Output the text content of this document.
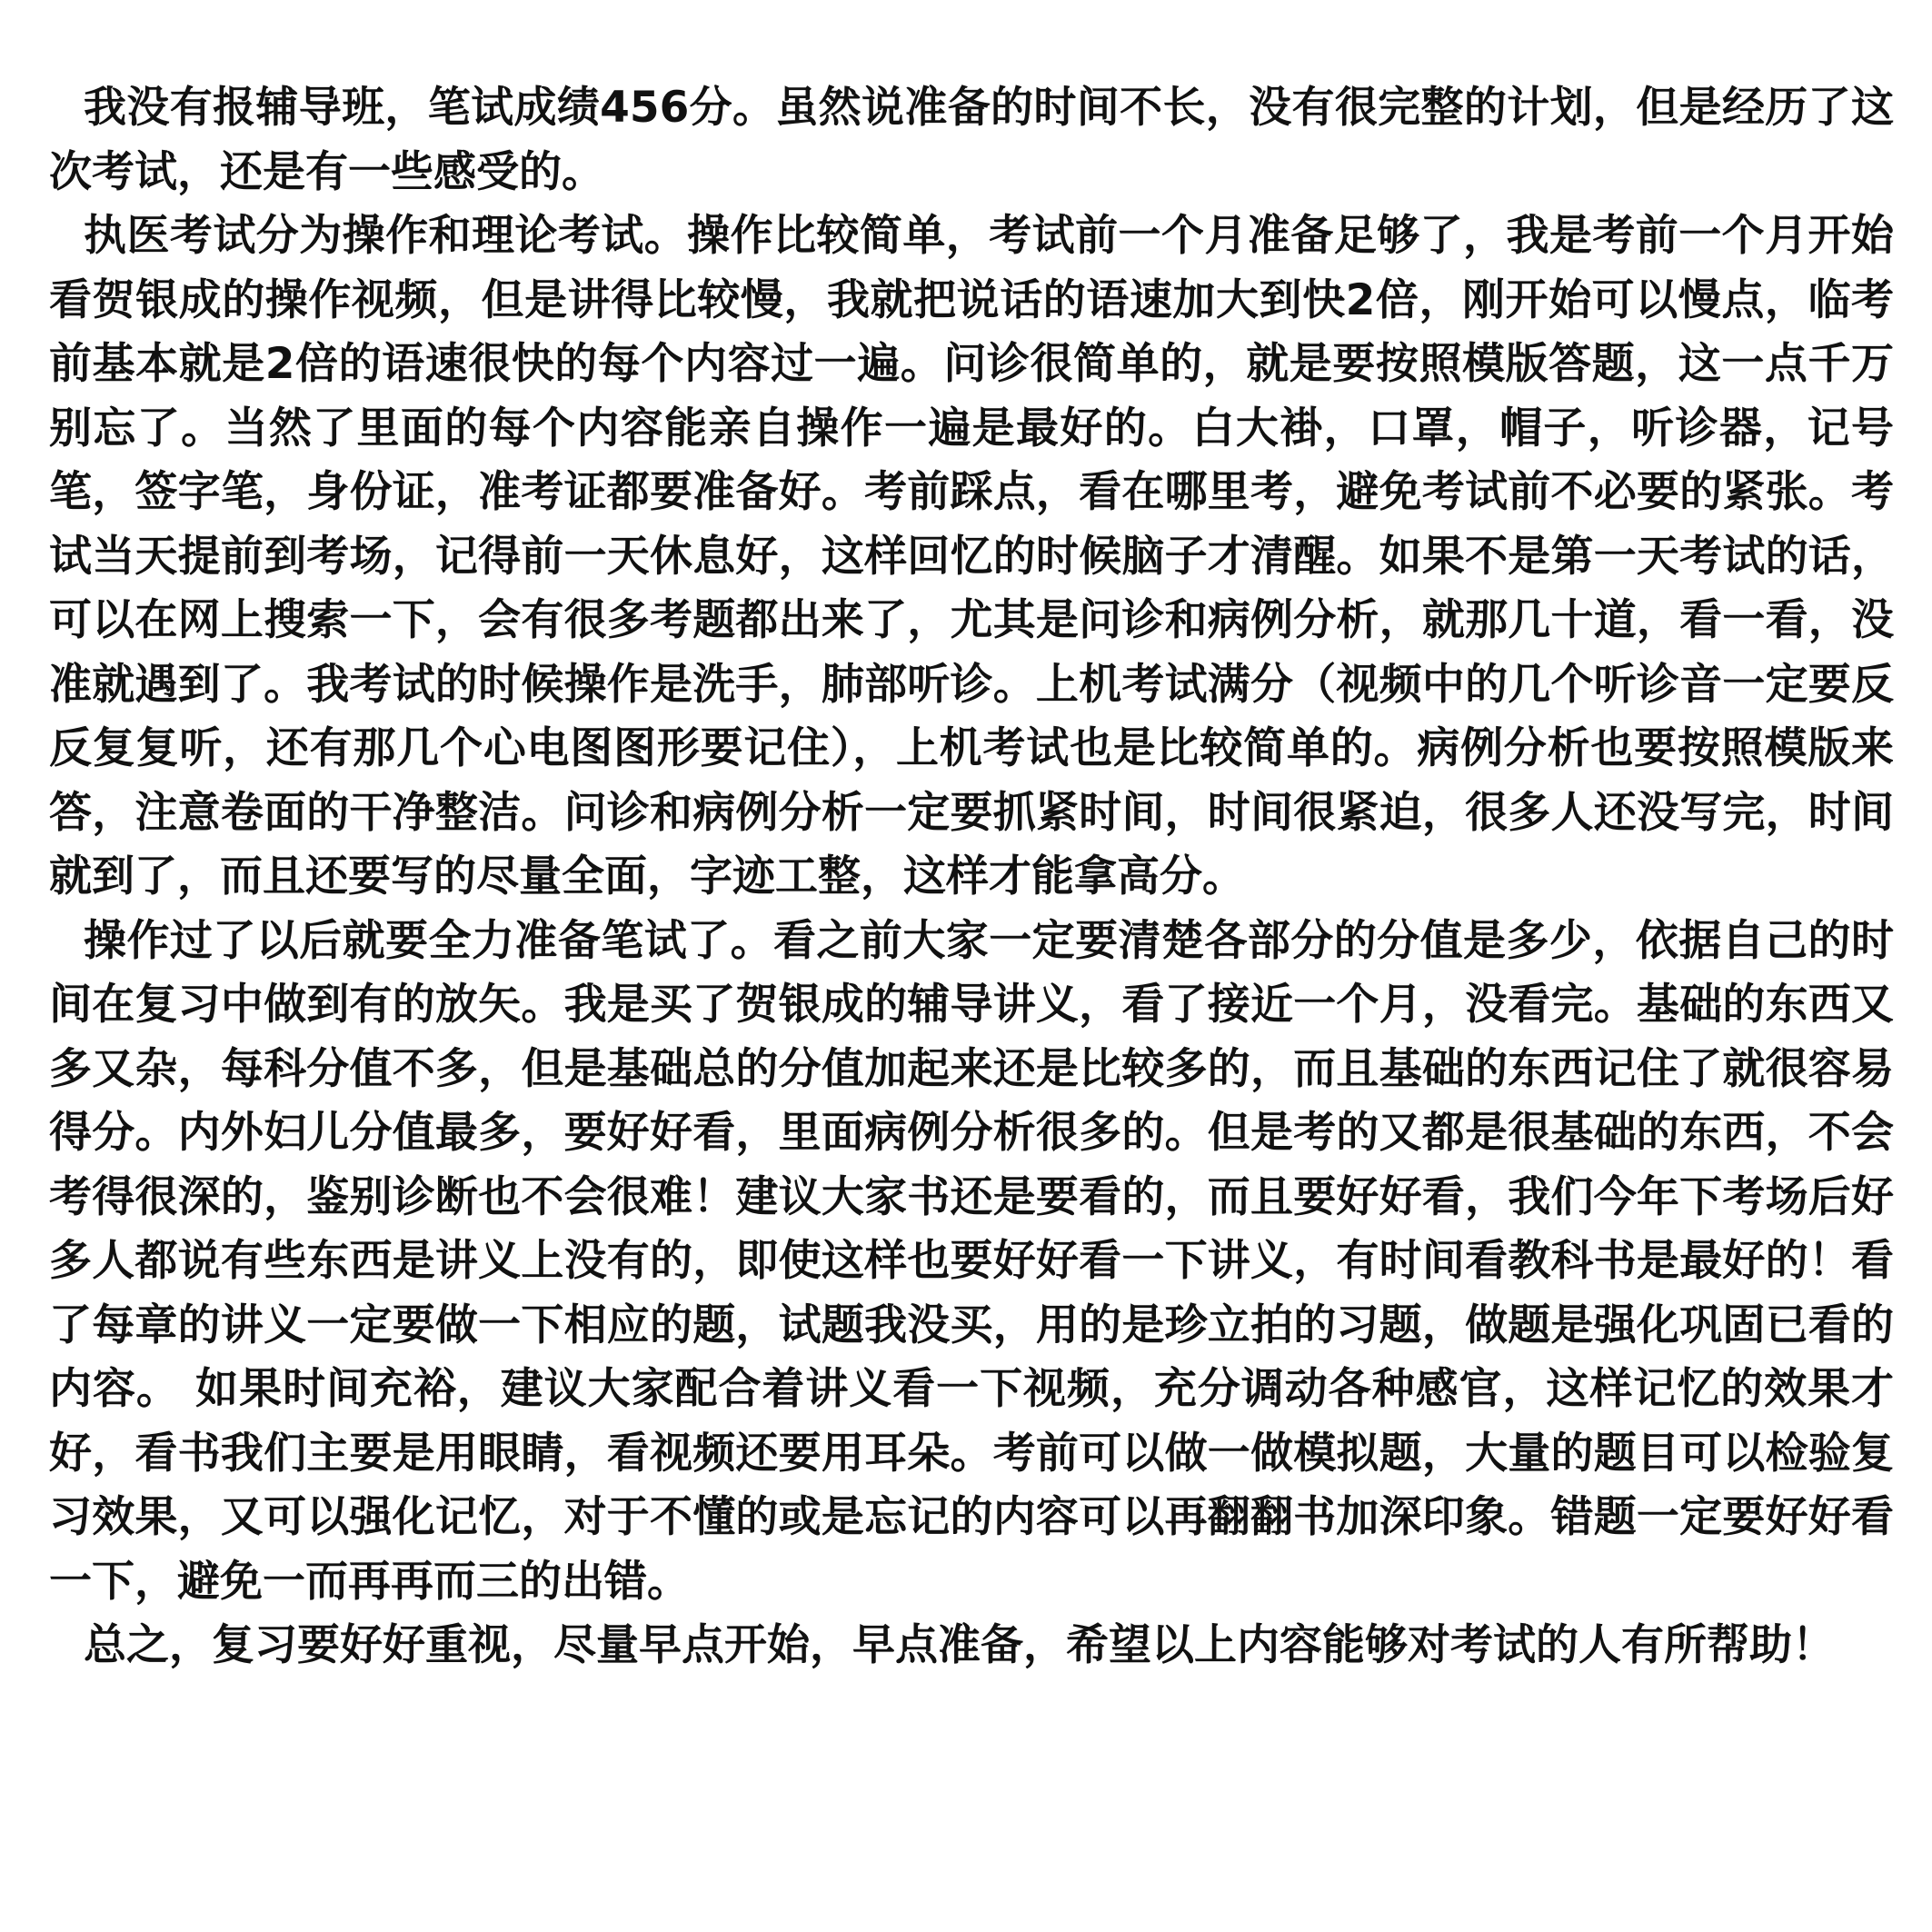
我没有报辅导班，笔试成绩456分。虽然说准备的时间不长，没有很完整的计划，但是经历了这次考试，还是有一些感受的。

执医考试分为操作和理论考试。操作比较简单，考试前一个月准备足够了，我是考前一个月开始看贺银成的操作视频，但是讲得比较慢，我就把说话的语速加大到快2倍，刚开始可以慢点，临考前基本就是2倍的语速很快的每个内容过一遍。问诊很简单的，就是要按照模版答题，这一点千万别忘了。当然了里面的每个内容能亲自操作一遍是最好的。白大褂，口罩，帽子，听诊器，记号笔，签字笔，身份证，准考证都要准备好。考前踩点，看在哪里考，避免考试前不必要的紧张。考试当天提前到考场，记得前一天休息好，这样回忆的时候脑子才清醒。如果不是第一天考试的话，可以在网上搜索一下，会有很多考题都出来了，尤其是问诊和病例分析，就那几十道，看一看，没准就遇到了。我考试的时候操作是洗手，肺部听诊。上机考试满分（视频中的几个听诊音一定要反反复复听，还有那几个心电图图形要记住），上机考试也是比较简单的。病例分析也要按照模版来答，注意卷面的干净整洁。问诊和病例分析一定要抓紧时间，时间很紧迫，很多人还没写完，时间就到了，而且还要写的尽量全面，字迹工整，这样才能拿高分。

操作过了以后就要全力准备笔试了。看之前大家一定要清楚各部分的分值是多少，依据自己的时间在复习中做到有的放矢。我是买了贺银成的辅导讲义，看了接近一个月，没看完。基础的东西又多又杂，每科分值不多，但是基础总的分值加起来还是比较多的，而且基础的东西记住了就很容易得分。内外妇儿分值最多，要好好看，里面病例分析很多的。但是考的又都是很基础的东西，不会考得很深的，鉴别诊断也不会很难！建议大家书还是要看的，而且要好好看，我们今年下考场后好多人都说有些东西是讲义上没有的，即使这样也要好好看一下讲义，有时间看教科书是最好的！看了每章的讲义一定要做一下相应的题，试题我没买，用的是珍立拍的习题，做题是强化巩固已看的内容。 如果时间充裕，建议大家配合着讲义看一下视频，充分调动各种感官，这样记忆的效果才好，看书我们主要是用眼睛，看视频还要用耳朵。考前可以做一做模拟题，大量的题目可以检验复习效果，又可以强化记忆，对于不懂的或是忘记的内容可以再翻翻书加深印象。错题一定要好好看一下，避免一而再再而三的出错。

总之，复习要好好重视，尽量早点开始，早点准备，希望以上内容能够对考试的人有所帮助！
